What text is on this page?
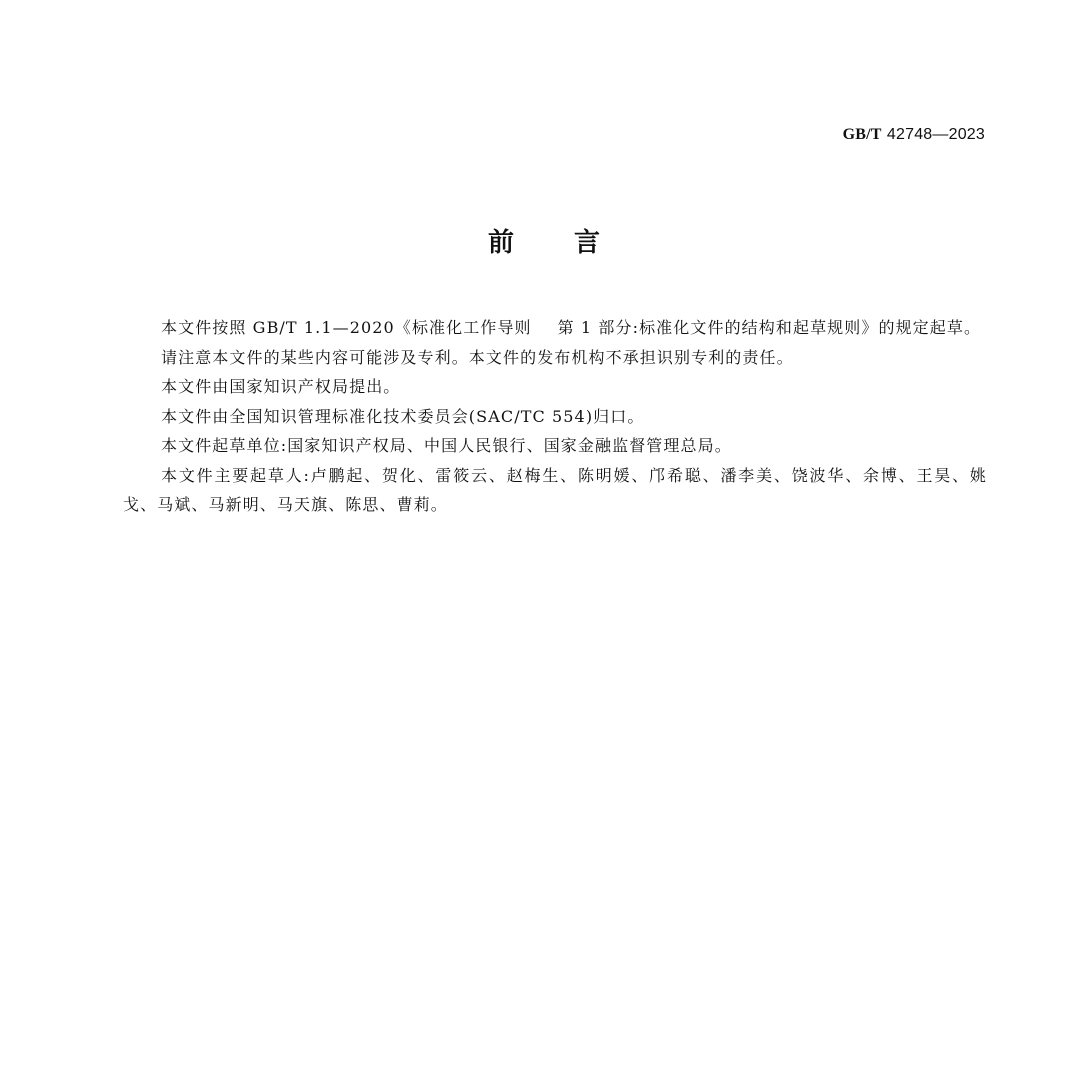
GB/T 42748—2023
前 言

本文件按照 GB/T 1.1—2020《标准化工作导则 第 1 部分:标准化文件的结构和起草规则》的规定起草。

请注意本文件的某些内容可能涉及专利。本文件的发布机构不承担识别专利的责任。

本文件由国家知识产权局提出。

本文件由全国知识管理标准化技术委员会(SAC/TC 554)归口。

本文件起草单位:国家知识产权局、中国人民银行、国家金融监督管理总局。

本文件主要起草人:卢鹏起、贺化、雷筱云、赵梅生、陈明媛、邝希聪、潘李美、饶波华、余博、王昊、姚戈、马斌、马新明、马天旗、陈思、曹莉。
